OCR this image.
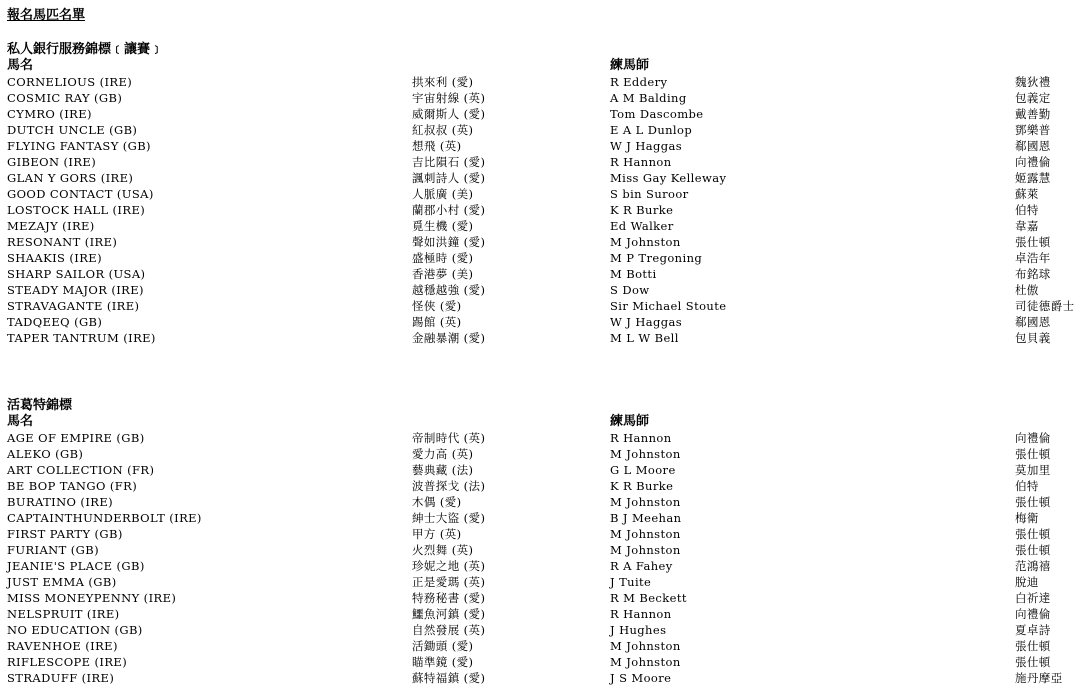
報名馬匹名單
私人銀行服務錦標﹝讓賽﹞
馬名	練馬師
CORNELIOUS (IRE)	拱來利 (愛)	R Eddery	魏狄禮
COSMIC RAY (GB)	宇宙射線 (英)	A M Balding	包義定
CYMRO (IRE)	威爾斯人 (愛)	Tom Dascombe	戴善勤
DUTCH UNCLE (GB)	紅叔叔 (英)	E A L Dunlop	鄧樂普
FLYING FANTASY (GB)	想飛 (英)	W J Haggas	郗國恩
GIBEON (IRE)	吉比隕石 (愛)	R Hannon	向禮倫
GLAN Y GORS (IRE)	諷刺詩人 (愛)	Miss Gay Kelleway	姬露慧
GOOD CONTACT (USA)	人脈廣 (美)	S bin Suroor	蘇萊
LOSTOCK HALL (IRE)	蘭郡小村 (愛)	K R Burke	伯特
MEZAJY (IRE)	覓生機 (愛)	Ed Walker	韋嘉
RESONANT (IRE)	聲如洪鐘 (愛)	M Johnston	張仕頓
SHAAKIS (IRE)	盛極時 (愛)	M P Tregoning	卓浩年
SHARP SAILOR (USA)	香港夢 (美)	M Botti	布銘球
STEADY MAJOR (IRE)	越穩越強 (愛)	S Dow	杜傲
STRAVAGANTE (IRE)	怪俠 (愛)	Sir Michael Stoute	司徒德爵士
TADQEEQ (GB)	踢館 (英)	W J Haggas	郗國恩
TAPER TANTRUM (IRE)	金融暴潮 (愛)	M L W Bell	包貝義
活葛特錦標
馬名	練馬師
AGE OF EMPIRE (GB)	帝制時代 (英)	R Hannon	向禮倫
ALEKO (GB)	愛力高 (英)	M Johnston	張仕頓
ART COLLECTION (FR)	藝典藏 (法)	G L Moore	莫加里
BE BOP TANGO (FR)	波普探戈 (法)	K R Burke	伯特
BURATINO (IRE)	木偶 (愛)	M Johnston	張仕頓
CAPTAINTHUNDERBOLT (IRE)	紳士大盜 (愛)	B J Meehan	梅衛
FIRST PARTY (GB)	甲方 (英)	M Johnston	張仕頓
FURIANT (GB)	火烈舞 (英)	M Johnston	張仕頓
JEANIE'S PLACE (GB)	珍妮之地 (英)	R A Fahey	范鴻禧
JUST EMMA (GB)	正是愛瑪 (英)	J Tuite	脫迪
MISS MONEYPENNY (IRE)	特務秘書 (愛)	R M Beckett	白祈達
NELSPRUIT (IRE)	鱷魚河鎮 (愛)	R Hannon	向禮倫
NO EDUCATION (GB)	自然發展 (英)	J Hughes	夏卓詩
RAVENHOE (IRE)	活鋤頭 (愛)	M Johnston	張仕頓
RIFLESCOPE (IRE)	瞄準鏡 (愛)	M Johnston	張仕頓
STRADUFF (IRE)	蘇特福鎮 (愛)	J S Moore	施丹摩亞
